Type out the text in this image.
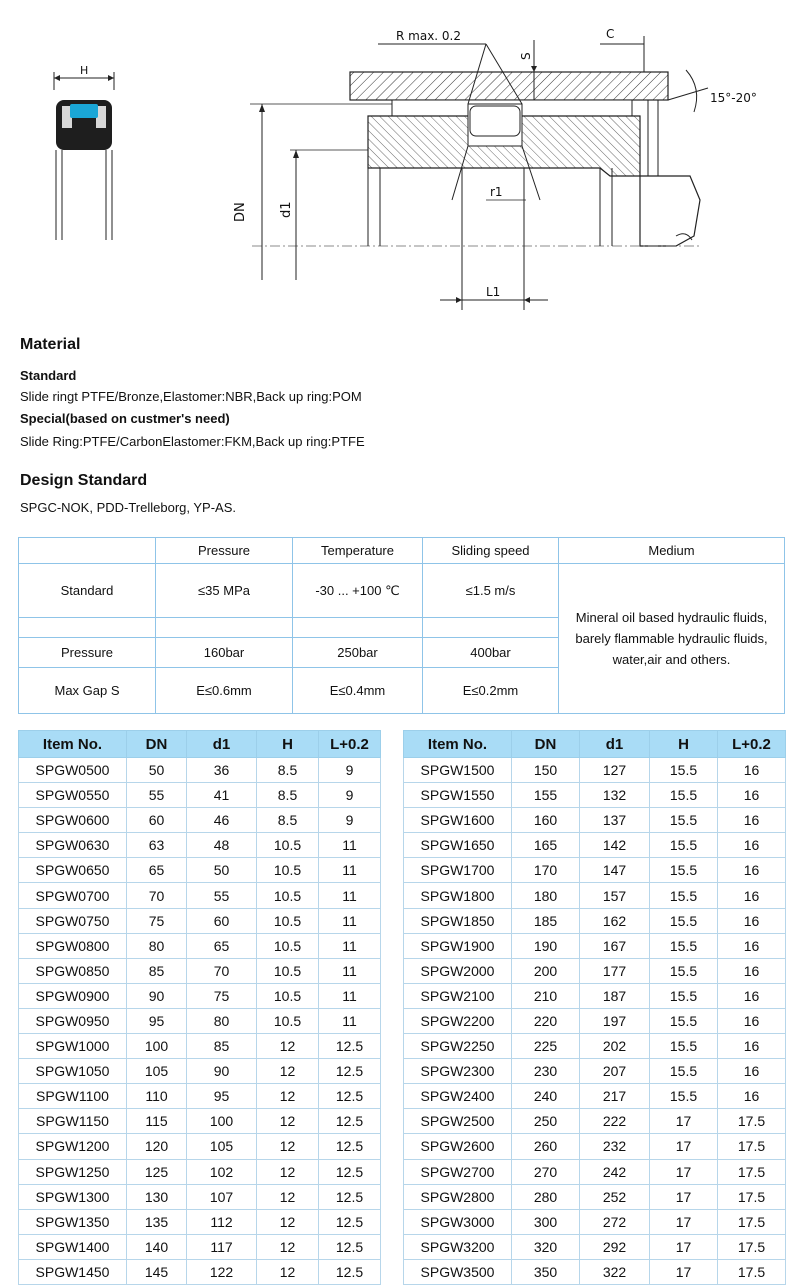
H
R max. 0.2
S
C
15°-20°
DN d1
r1
L1
Material
Standard
Slide ringt PTFE/Bronze,Elastomer:NBR,Back up ring:POM
Special(based on custmer's need)
Slide Ring:PTFE/CarbonElastomer:FKM,Back up ring:PTFE
Design Standard
SPGC-NOK, PDD-Trelleborg, YP-AS.
	Pressure	Temperature	Sliding speed	Medium
Standard	≤35 MPa	-30 ... +100 ℃	≤1.5 m/s	Mineral oil based hydraulic fluids, barely flammable hydraulic fluids, water,air and others.

Pressure	160bar	250bar	400bar	
Max Gap S	E≤0.6mm	E≤0.4mm	E≤0.2mm	
Item No.	DN	d1	H	L+0.2
SPGW0500	50	36	8.5	9
SPGW0550	55	41	8.5	9
SPGW0600	60	46	8.5	9
SPGW0630	63	48	10.5	11
SPGW0650	65	50	10.5	11
SPGW0700	70	55	10.5	11
SPGW0750	75	60	10.5	11
SPGW0800	80	65	10.5	11
SPGW0850	85	70	10.5	11
SPGW0900	90	75	10.5	11
SPGW0950	95	80	10.5	11
SPGW1000	100	85	12	12.5
SPGW1050	105	90	12	12.5
SPGW1100	110	95	12	12.5
SPGW1150	115	100	12	12.5
SPGW1200	120	105	12	12.5
SPGW1250	125	102	12	12.5
SPGW1300	130	107	12	12.5
SPGW1350	135	112	12	12.5
SPGW1400	140	117	12	12.5
SPGW1450	145	122	12	12.5
Item No.	DN	d1	H	L+0.2
SPGW1500	150	127	15.5	16
SPGW1550	155	132	15.5	16
SPGW1600	160	137	15.5	16
SPGW1650	165	142	15.5	16
SPGW1700	170	147	15.5	16
SPGW1800	180	157	15.5	16
SPGW1850	185	162	15.5	16
SPGW1900	190	167	15.5	16
SPGW2000	200	177	15.5	16
SPGW2100	210	187	15.5	16
SPGW2200	220	197	15.5	16
SPGW2250	225	202	15.5	16
SPGW2300	230	207	15.5	16
SPGW2400	240	217	15.5	16
SPGW2500	250	222	17	17.5
SPGW2600	260	232	17	17.5
SPGW2700	270	242	17	17.5
SPGW2800	280	252	17	17.5
SPGW3000	300	272	17	17.5
SPGW3200	320	292	17	17.5
SPGW3500	350	322	17	17.5
